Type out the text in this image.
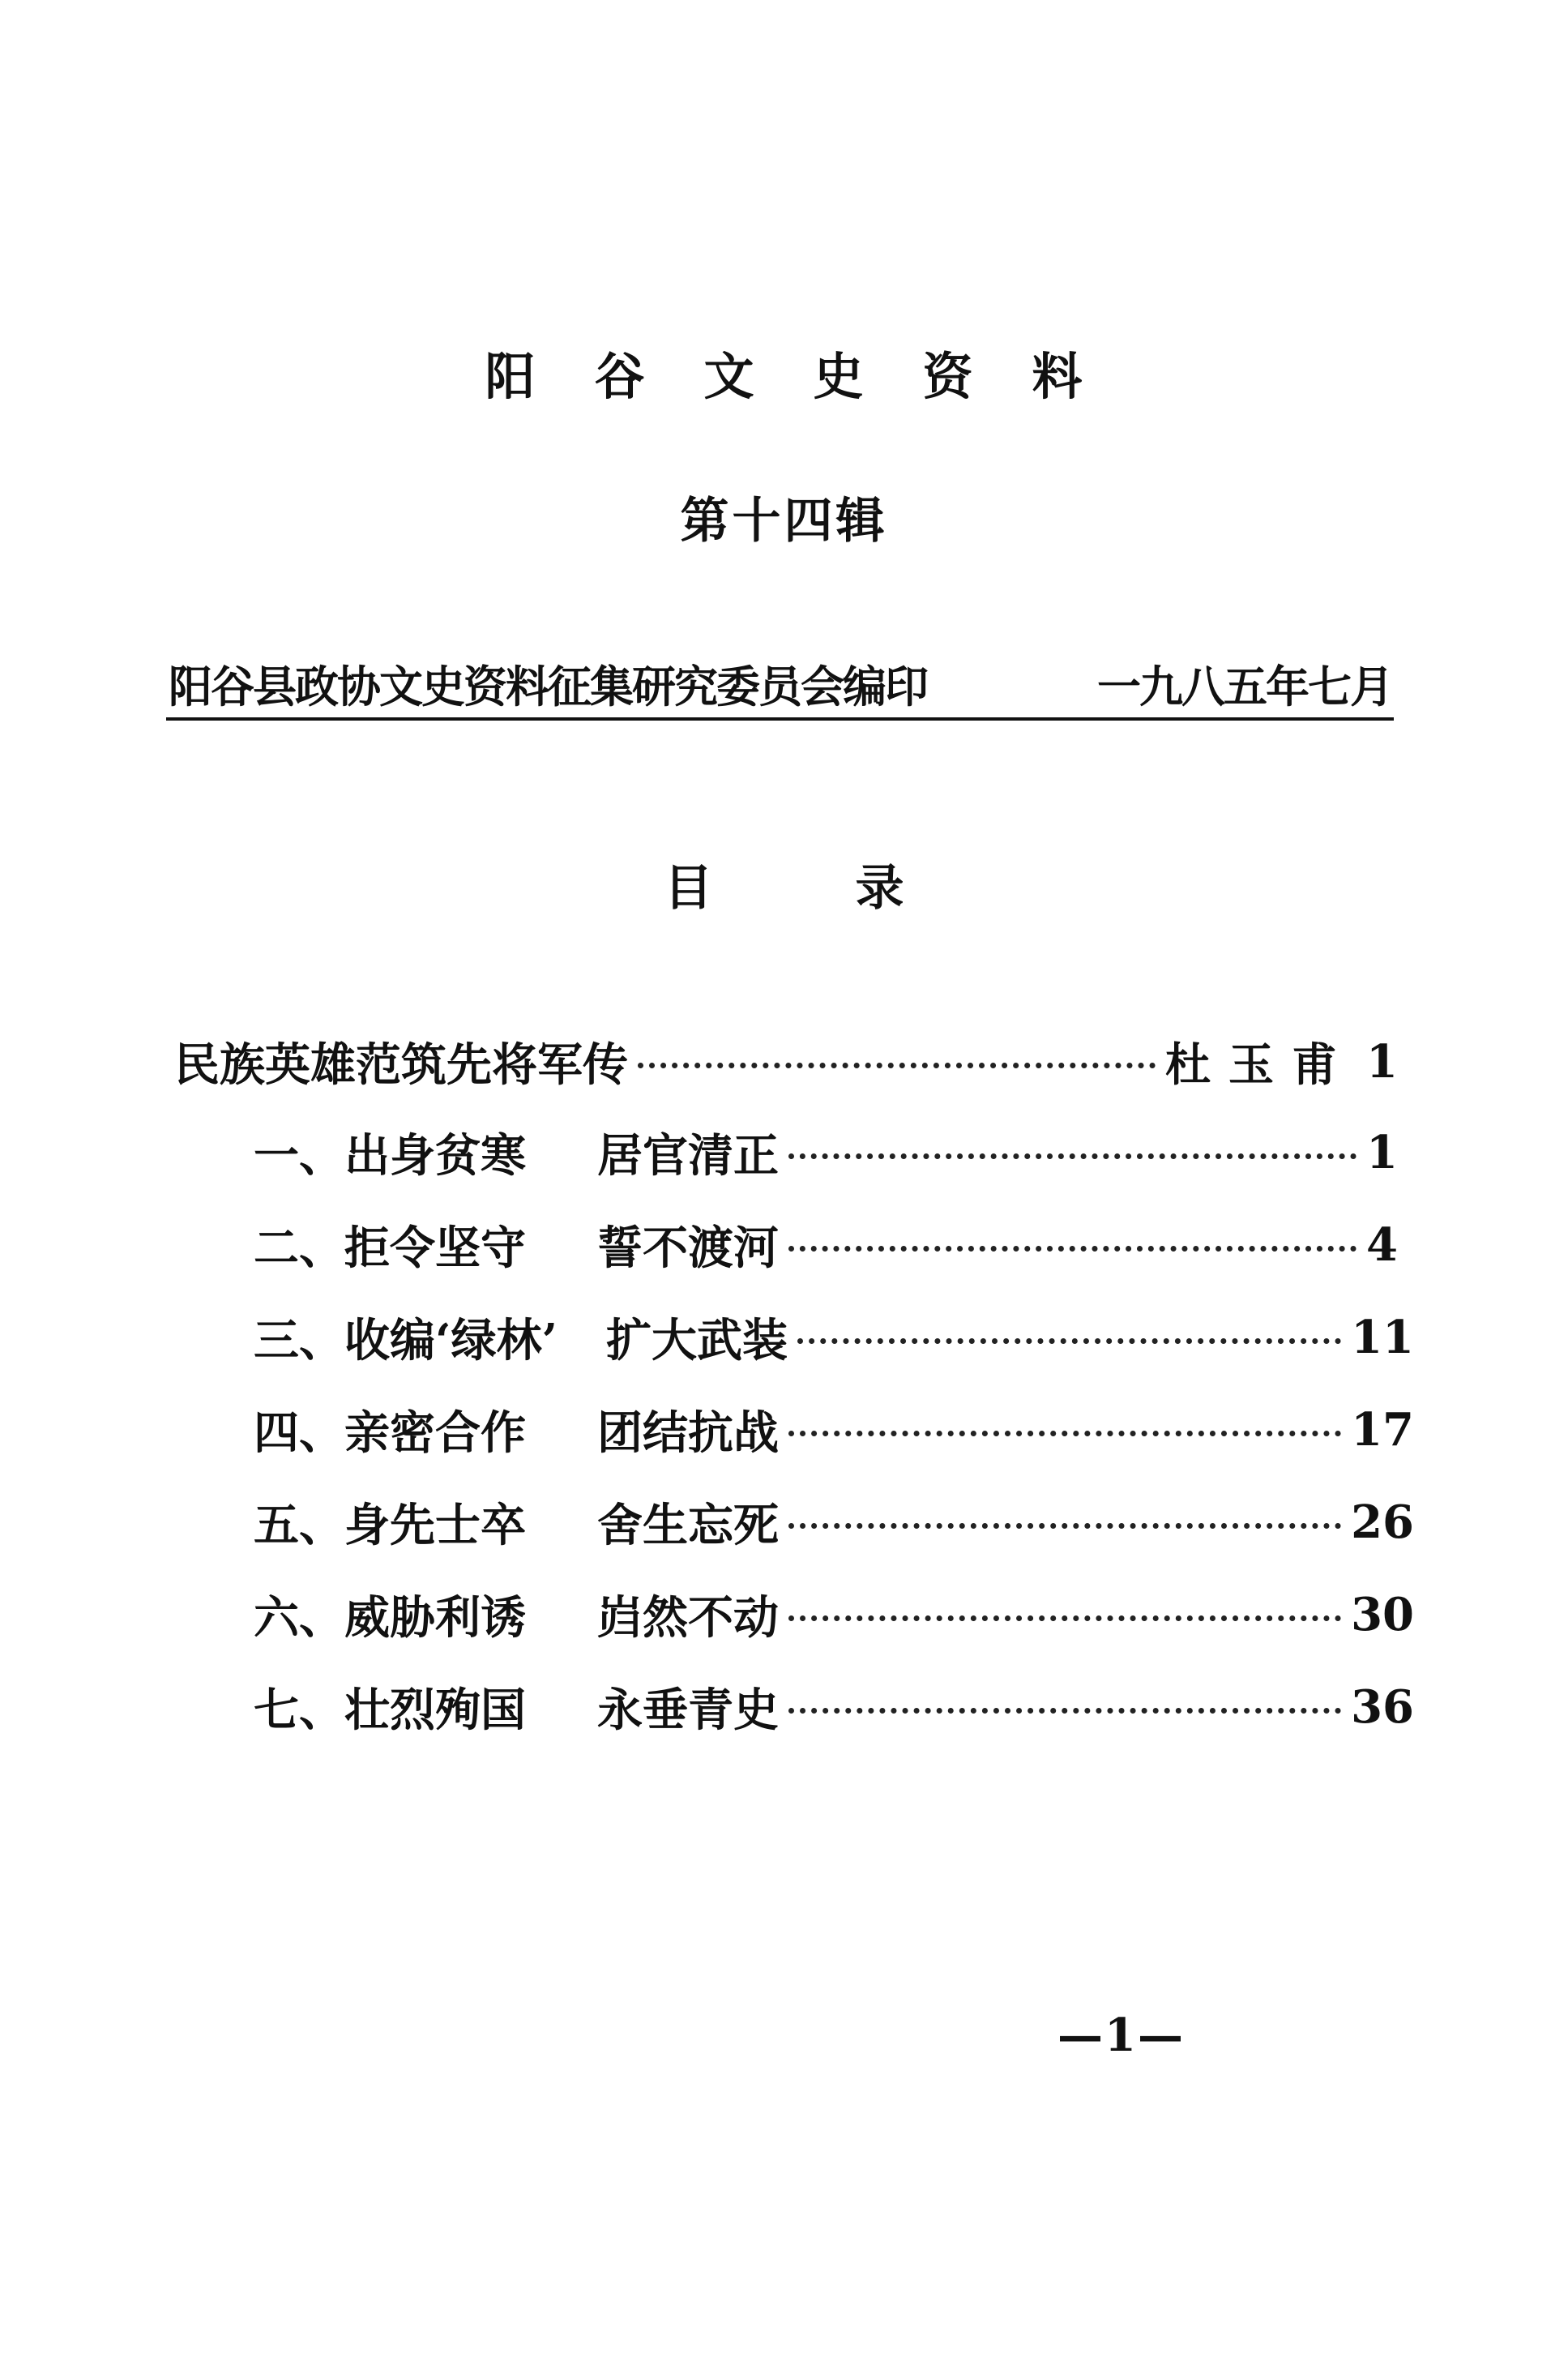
阳 谷 文 史 资 料
第十四辑
阳谷县政协文史资料征集研究委员会编印	一九八五年七月
目	录
民族英雄范筑先将军传	杜玉甫 1
一、出身贫寒 居官清正	1
二、拒令坚守 誓不渡河	4
三、收编‘绿林’ 扩大武装	11
四、亲密合作 团结抗战	17
五、身先士卒 舍生忘死	26
六、威胁利诱 岿然不动	30
七、壮烈殉国 永垂青史	36
—1—
